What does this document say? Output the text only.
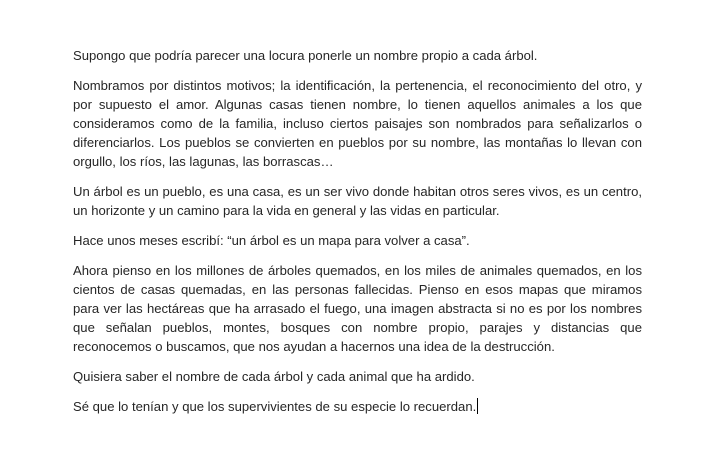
Supongo que podría parecer una locura ponerle un nombre propio a cada árbol.

Nombramos por distintos motivos; la identificación, la pertenencia, el reconocimiento del otro, y por supuesto el amor. Algunas casas tienen nombre, lo tienen aquellos animales a los que consideramos como de la familia, incluso ciertos paisajes son nombrados para señalizarlos o diferenciarlos. Los pueblos se convierten en pueblos por su nombre, las montañas lo llevan con orgullo, los ríos, las lagunas, las borrascas…

Un árbol es un pueblo, es una casa, es un ser vivo donde habitan otros seres vivos, es un centro, un horizonte y un camino para la vida en general y las vidas en particular.

Hace unos meses escribí: “un árbol es un mapa para volver a casa”.

Ahora pienso en los millones de árboles quemados, en los miles de animales quemados, en los cientos de casas quemadas, en las personas fallecidas. Pienso en esos mapas que miramos para ver las hectáreas que ha arrasado el fuego, una imagen abstracta si no es por los nombres que señalan pueblos, montes, bosques con nombre propio, parajes y distancias que reconocemos o buscamos, que nos ayudan a hacernos una idea de la destrucción.

Quisiera saber el nombre de cada árbol y cada animal que ha ardido.

Sé que lo tenían y que los supervivientes de su especie lo recuerdan.
